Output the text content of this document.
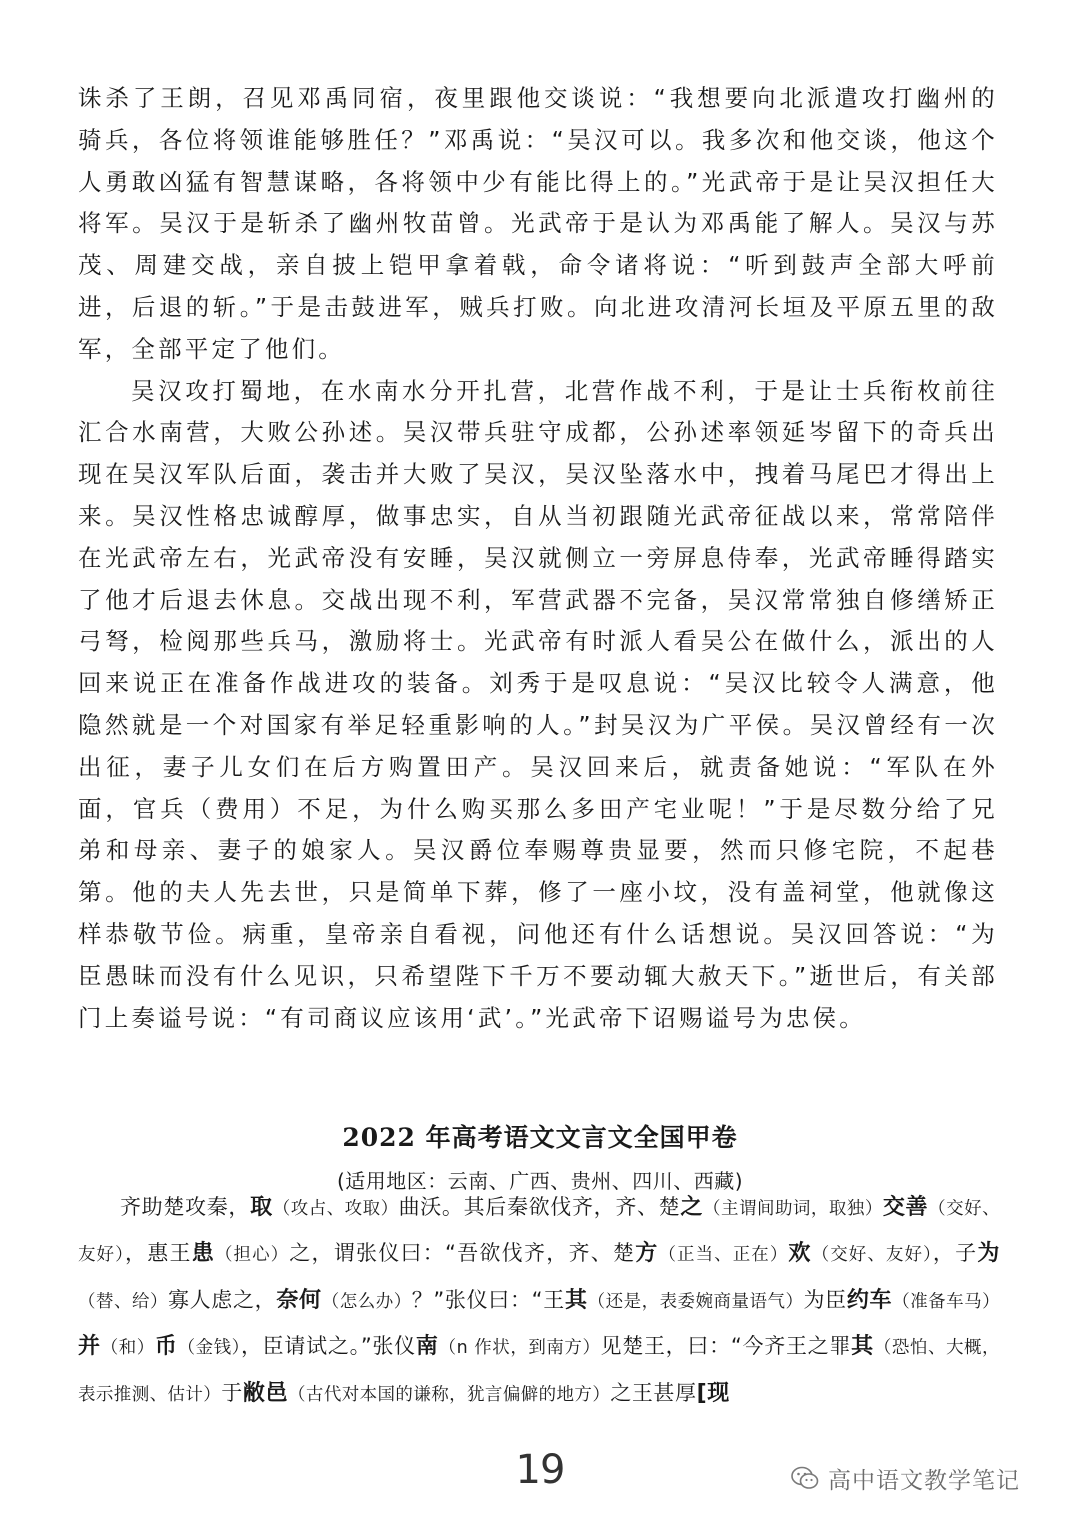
诛杀了王朗，召见邓禹同宿，夜里跟他交谈说：“我想要向北派遣攻打幽州的骑兵，各位将领谁能够胜任？”邓禹说：“吴汉可以。我多次和他交谈，他这个人勇敢凶猛有智慧谋略，各将领中少有能比得上的。”光武帝于是让吴汉担任大将军。吴汉于是斩杀了幽州牧苗曾。光武帝于是认为邓禹能了解人。吴汉与苏茂、周建交战，亲自披上铠甲拿着戟，命令诸将说：“听到鼓声全部大呼前进，后退的斩。”于是击鼓进军，贼兵打败。向北进攻清河长垣及平原五里的敌军，全部平定了他们。

吴汉攻打蜀地，在水南水分开扎营，北营作战不利，于是让士兵衔枚前往汇合水南营，大败公孙述。吴汉带兵驻守成都，公孙述率领延岑留下的奇兵出现在吴汉军队后面，袭击并大败了吴汉，吴汉坠落水中，拽着马尾巴才得出上来。吴汉性格忠诚醇厚，做事忠实，自从当初跟随光武帝征战以来，常常陪伴在光武帝左右，光武帝没有安睡，吴汉就侧立一旁屏息侍奉，光武帝睡得踏实了他才后退去休息。交战出现不利，军营武器不完备，吴汉常常独自修缮矫正弓弩，检阅那些兵马，激励将士。光武帝有时派人看吴公在做什么，派出的人回来说正在准备作战进攻的装备。刘秀于是叹息说：“吴汉比较令人满意，他隐然就是一个对国家有举足轻重影响的人。”封吴汉为广平侯。吴汉曾经有一次出征，妻子儿女们在后方购置田产。吴汉回来后，就责备她说：“军队在外面，官兵（费用）不足，为什么购买那么多田产宅业呢！”于是尽数分给了兄弟和母亲、妻子的娘家人。吴汉爵位奉赐尊贵显要，然而只修宅院，不起巷第。他的夫人先去世，只是简单下葬，修了一座小坟，没有盖祠堂，他就像这样恭敬节俭。病重，皇帝亲自看视，问他还有什么话想说。吴汉回答说：“为臣愚昧而没有什么见识，只希望陛下千万不要动辄大赦天下。”逝世后，有关部门上奏谥号说：“有司商议应该用‘武’。”光武帝下诏赐谥号为忠侯。

2022 年高考语文文言文全国甲卷
(适用地区：云南、广西、贵州、四川、西藏)

齐助楚攻秦，取（攻占、攻取）曲沃。其后秦欲伐齐，齐、楚之（主谓间助词，取独）交善（交好、友好），惠王患（担心）之，谓张仪曰：“吾欲伐齐，齐、楚方（正当、正在）欢（交好、友好），子为（替、给）寡人虑之，奈何（怎么办）？”张仪曰：“王其（还是，表委婉商量语气）为臣约车（准备车马）并（和）币（金钱），臣请试之。”张仪南（n 作状，到南方）见楚王，曰：“今齐王之罪其（恐怕、大概，表示推测、估计）于敝邑（古代对本国的谦称，犹言偏僻的地方）之王甚厚[现

19	高中语文教学笔记
